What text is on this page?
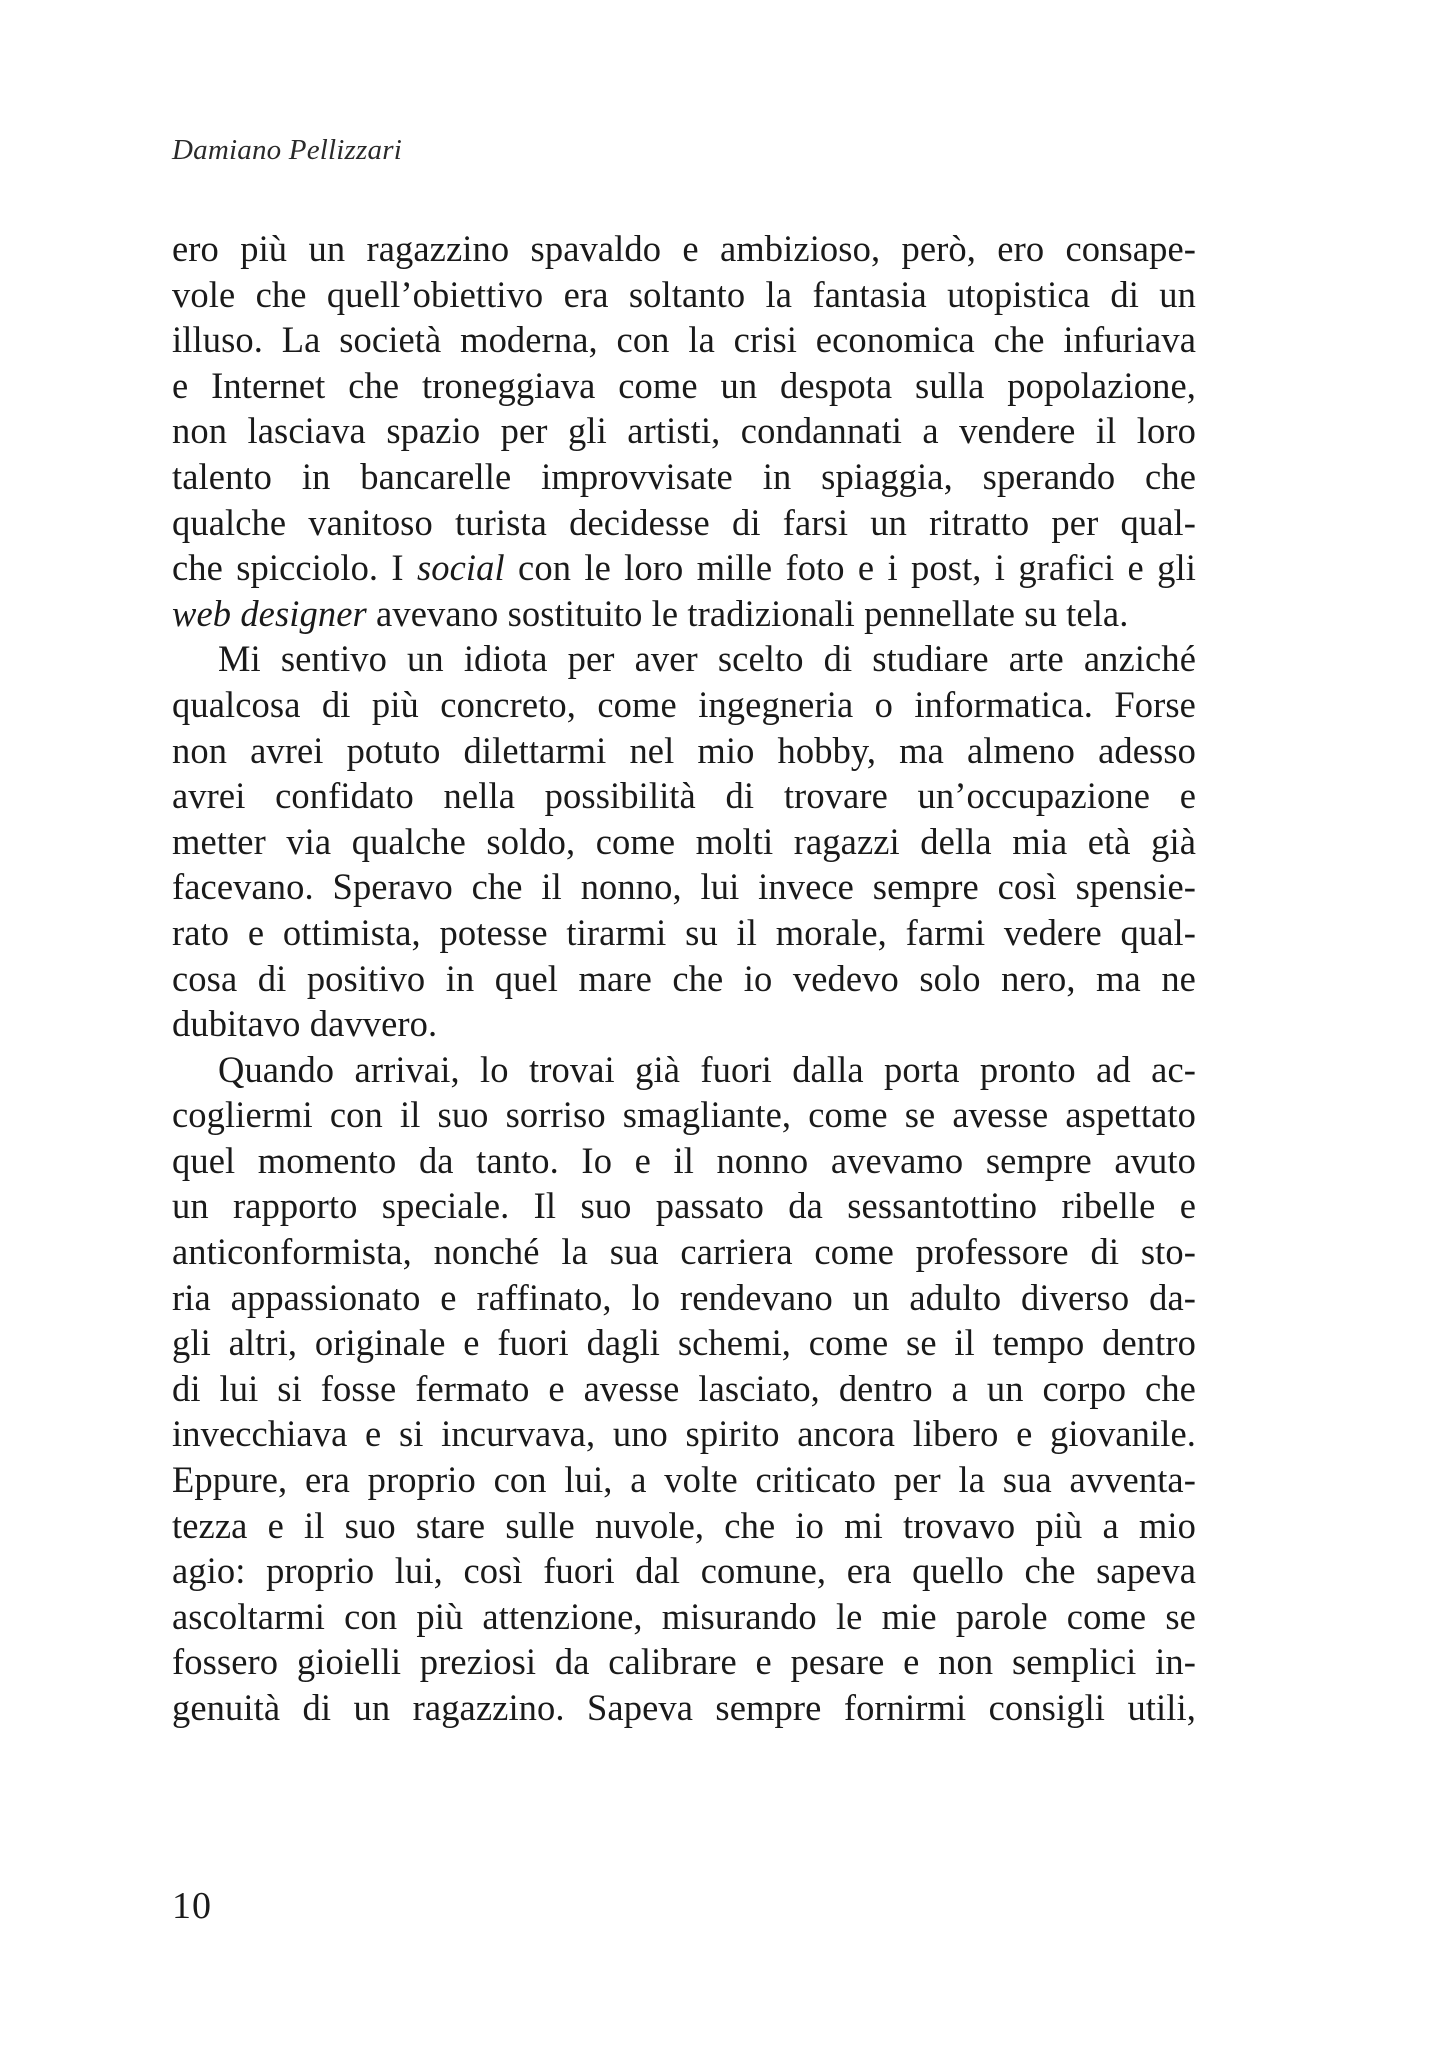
Damiano Pellizzari
ero più un ragazzino spavaldo e ambizioso, però, ero consape-
vole che quell’obiettivo era soltanto la fantasia utopistica di un
illuso. La società moderna, con la crisi economica che infuriava
e Internet che troneggiava come un despota sulla popolazione,
non lasciava spazio per gli artisti, condannati a vendere il loro
talento in bancarelle improvvisate in spiaggia, sperando che
qualche vanitoso turista decidesse di farsi un ritratto per qual-
che spicciolo. I social con le loro mille foto e i post, i grafici e gli
web designer avevano sostituito le tradizionali pennellate su tela.
Mi sentivo un idiota per aver scelto di studiare arte anziché
qualcosa di più concreto, come ingegneria o informatica. Forse
non avrei potuto dilettarmi nel mio hobby, ma almeno adesso
avrei confidato nella possibilità di trovare un’occupazione e
metter via qualche soldo, come molti ragazzi della mia età già
facevano. Speravo che il nonno, lui invece sempre così spensie-
rato e ottimista, potesse tirarmi su il morale, farmi vedere qual-
cosa di positivo in quel mare che io vedevo solo nero, ma ne
dubitavo davvero.
Quando arrivai, lo trovai già fuori dalla porta pronto ad ac-
cogliermi con il suo sorriso smagliante, come se avesse aspettato
quel momento da tanto. Io e il nonno avevamo sempre avuto
un rapporto speciale. Il suo passato da sessantottino ribelle e
anticonformista, nonché la sua carriera come professore di sto-
ria appassionato e raffinato, lo rendevano un adulto diverso da-
gli altri, originale e fuori dagli schemi, come se il tempo dentro
di lui si fosse fermato e avesse lasciato, dentro a un corpo che
invecchiava e si incurvava, uno spirito ancora libero e giovanile.
Eppure, era proprio con lui, a volte criticato per la sua avventa-
tezza e il suo stare sulle nuvole, che io mi trovavo più a mio
agio: proprio lui, così fuori dal comune, era quello che sapeva
ascoltarmi con più attenzione, misurando le mie parole come se
fossero gioielli preziosi da calibrare e pesare e non semplici in-
genuità di un ragazzino. Sapeva sempre fornirmi consigli utili,
10
